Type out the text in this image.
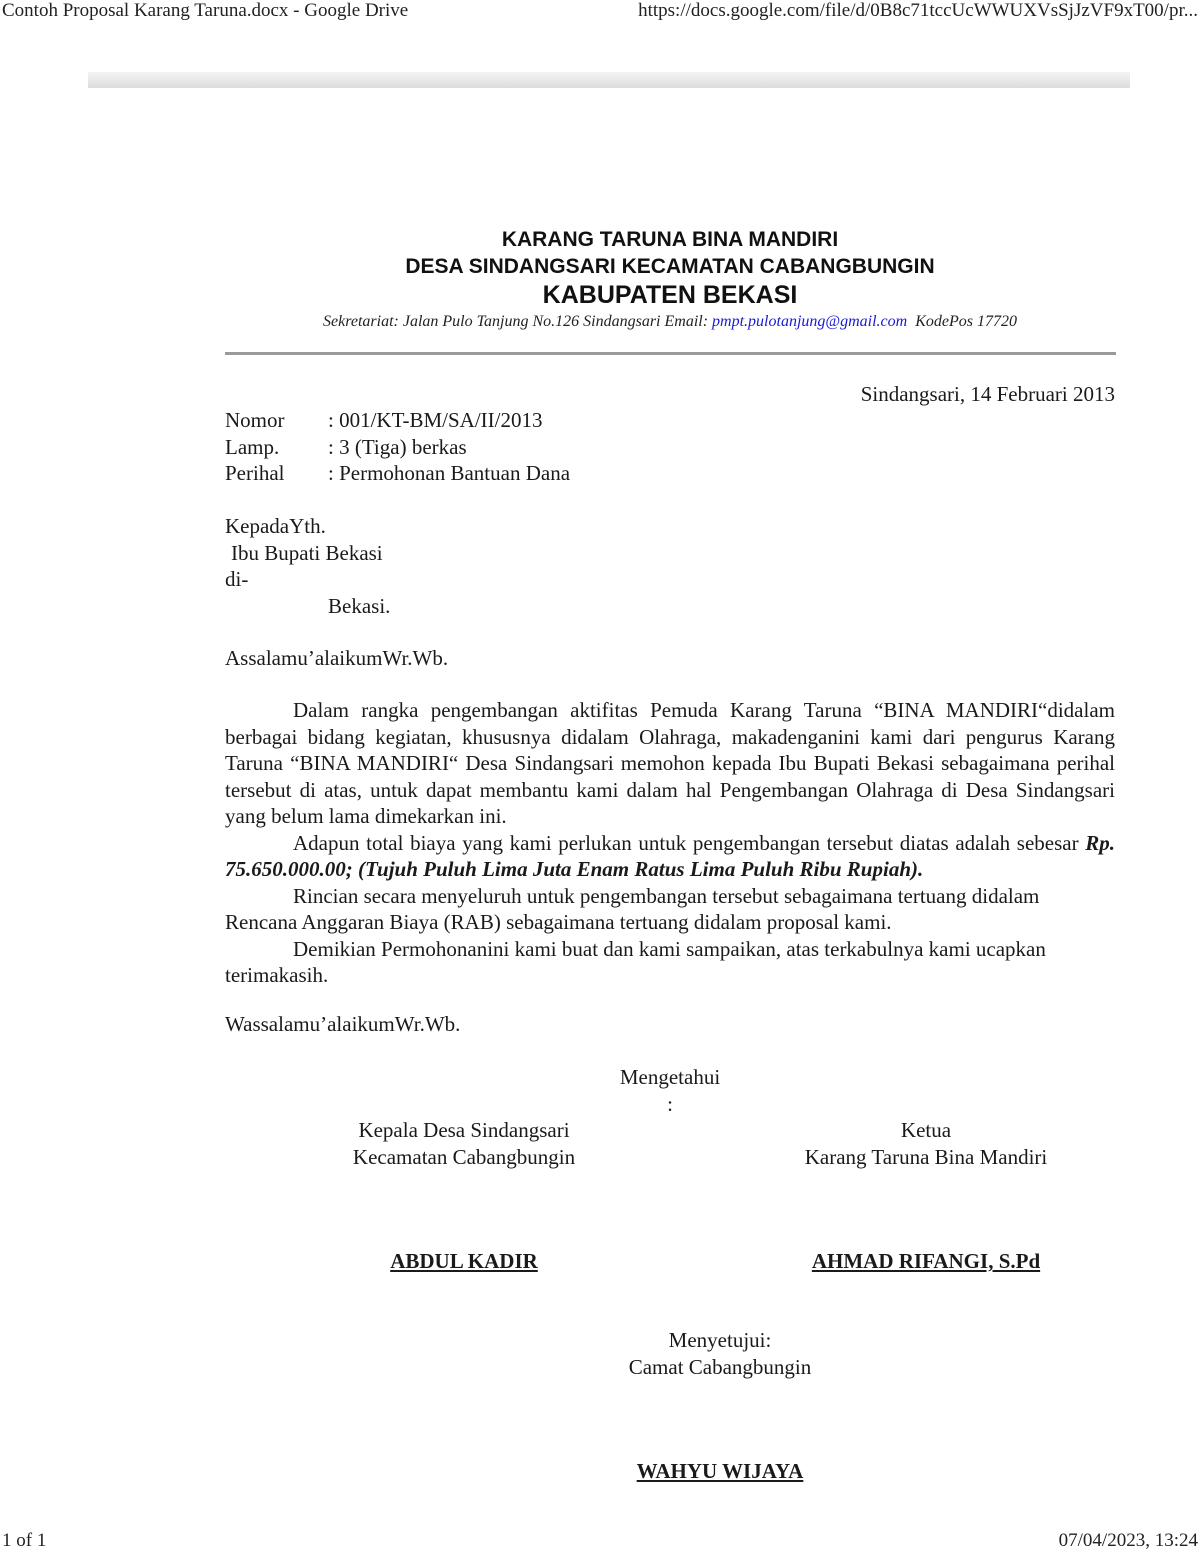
Contoh Proposal Karang Taruna.docx - Google Drive	https://docs.google.com/file/d/0B8c71tccUcWWUXVsSjJzVF9xT00/pr...
KARANG TARUNA BINA MANDIRI
DESA SINDANGSARI KECAMATAN CABANGBUNGIN
KABUPATEN BEKASI
Sekretariat: Jalan Pulo Tanjung No.126 Sindangsari Email: pmpt.pulotanjung@gmail.com  KodePos 17720
Sindangsari, 14 Februari 2013
Nomor	: 001/KT-BM/SA/II/2013
Lamp.	: 3 (Tiga) berkas
Perihal	: Permohonan Bantuan Dana
KepadaYth.
Ibu Bupati Bekasi
di-
Bekasi.
Assalamu’alaikumWr.Wb.

Dalam rangka pengembangan aktifitas Pemuda Karang Taruna “BINA MANDIRI“didalam berbagai bidang kegiatan, khususnya didalam Olahraga, makadenganini kami dari pengurus Karang Taruna “BINA MANDIRI“ Desa Sindangsari memohon kepada Ibu Bupati Bekasi sebagaimana perihal tersebut di atas, untuk dapat membantu kami dalam hal Pengembangan Olahraga di Desa Sindangsari yang belum lama dimekarkan ini.

Adapun total biaya yang kami perlukan untuk pengembangan tersebut diatas adalah sebesar Rp. 75.650.000.00; (Tujuh Puluh Lima Juta Enam Ratus Lima Puluh Ribu Rupiah).

Rincian secara menyeluruh untuk pengembangan tersebut sebagaimana tertuang didalam Rencana Anggaran Biaya (RAB) sebagaimana tertuang didalam proposal kami.

Demikian Permohonanini kami buat dan kami sampaikan, atas terkabulnya kami ucapkan terimakasih.

Wassalamu’alaikumWr.Wb.
Mengetahui
:
Kepala Desa Sindangsari
Kecamatan Cabangbungin
ABDUL KADIR
Ketua
Karang Taruna Bina Mandiri
AHMAD RIFANGI, S.Pd
Menyetujui:
Camat Cabangbungin
WAHYU WIJAYA
1 of 1	07/04/2023, 13:24
